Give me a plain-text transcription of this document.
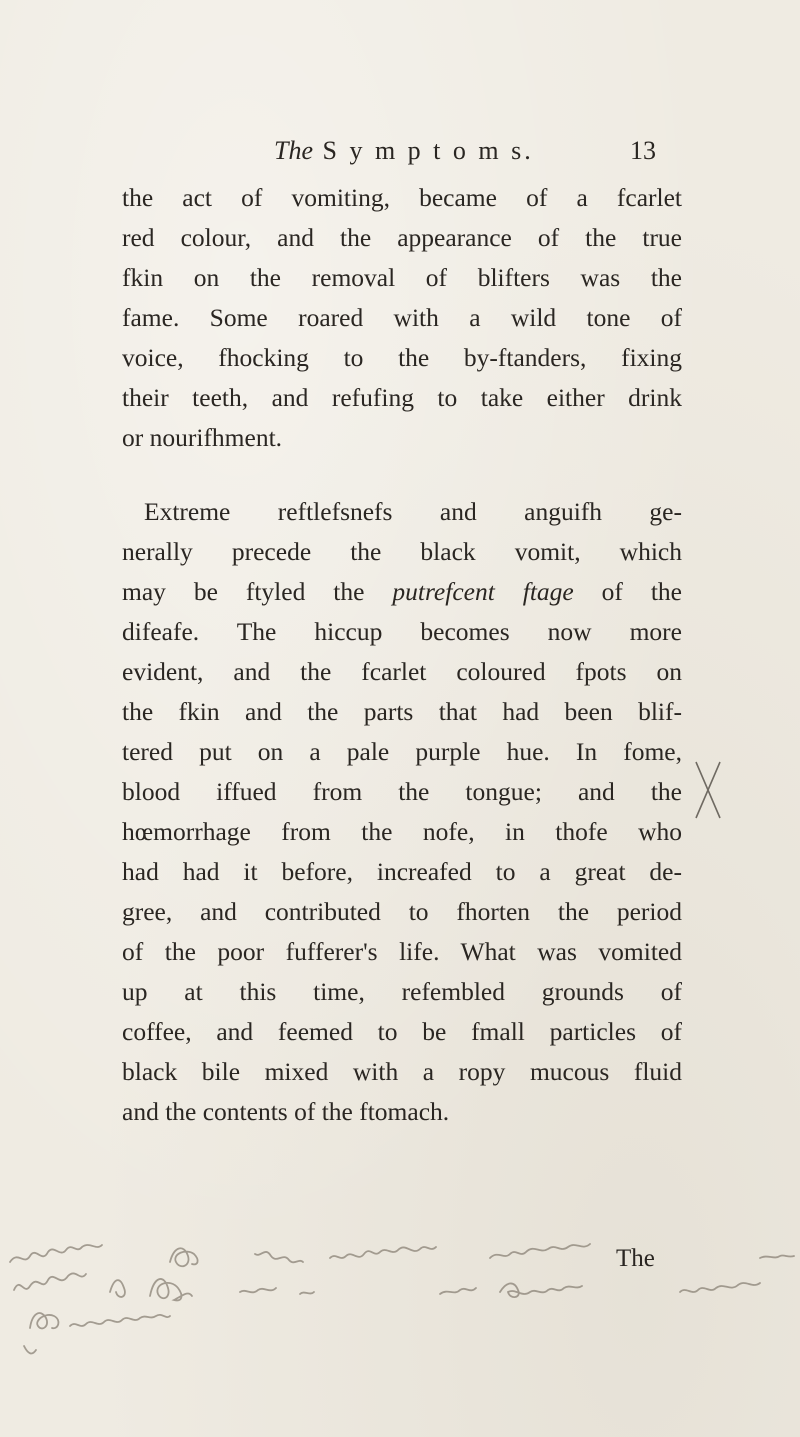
The S y m p t o m s.	13
the act of vomiting, became of a fcarlet
red colour, and the appearance of the true
fkin on the removal of blifters was the
fame. Some roared with a wild tone of
voice, fhocking to the by-ftanders, fixing
their teeth, and refufing to take either drink
or nourifhment.
Extreme reftlefsnefs and anguifh ge-
nerally precede the black vomit, which
may be ftyled the putrefcent ftage of the
difeafe. The hiccup becomes now more
evident, and the fcarlet coloured fpots on
the fkin and the parts that had been blif-
tered put on a pale purple hue. In fome,
blood iffued from the tongue; and the
hœmorrhage from the nofe, in thofe who
had had it before, increafed to a great de-
gree, and contributed to fhorten the period
of the poor fufferer's life. What was vomited
up at this time, refembled grounds of
coffee, and feemed to be fmall particles of
black bile mixed with a ropy mucous fluid
and the contents of the ftomach.
The
